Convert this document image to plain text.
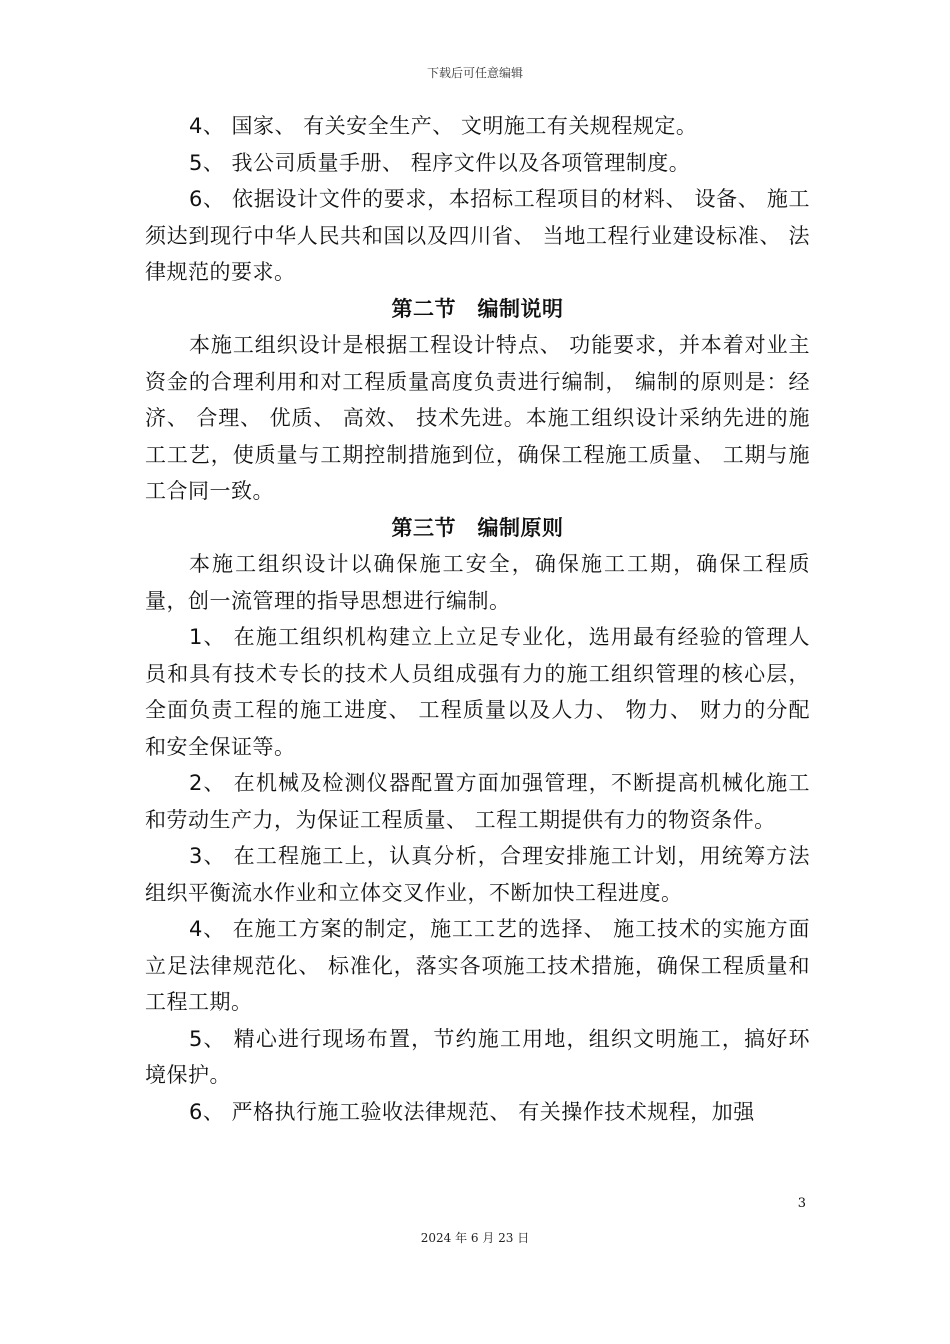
下载后可任意编辑

4、 国家、 有关安全生产、 文明施工有关规程规定。

5、 我公司质量手册、 程序文件以及各项管理制度。

6、 依据设计文件的要求，本招标工程项目的材料、 设备、 施工须达到现行中华人民共和国以及四川省、 当地工程行业建设标准、 法律规范的要求。

第二节　编制说明

本施工组织设计是根据工程设计特点、 功能要求，并本着对业主资金的合理利用和对工程质量高度负责进行编制， 编制的原则是：经济、 合理、 优质、 高效、 技术先进。本施工组织设计采纳先进的施工工艺，使质量与工期控制措施到位，确保工程施工质量、 工期与施工合同一致。

第三节　编制原则

本施工组织设计以确保施工安全，确保施工工期，确保工程质量，创一流管理的指导思想进行编制。

1、 在施工组织机构建立上立足专业化，选用最有经验的管理人员和具有技术专长的技术人员组成强有力的施工组织管理的核心层，全面负责工程的施工进度、 工程质量以及人力、 物力、 财力的分配和安全保证等。

2、 在机械及检测仪器配置方面加强管理，不断提高机械化施工和劳动生产力，为保证工程质量、 工程工期提供有力的物资条件。

3、 在工程施工上，认真分析，合理安排施工计划，用统筹方法组织平衡流水作业和立体交叉作业，不断加快工程进度。

4、 在施工方案的制定，施工工艺的选择、 施工技术的实施方面立足法律规范化、 标准化，落实各项施工技术措施，确保工程质量和工程工期。

5、 精心进行现场布置，节约施工用地，组织文明施工，搞好环境保护。

6、 严格执行施工验收法律规范、 有关操作技术规程，加强

3
2024 年 6 月 23 日
